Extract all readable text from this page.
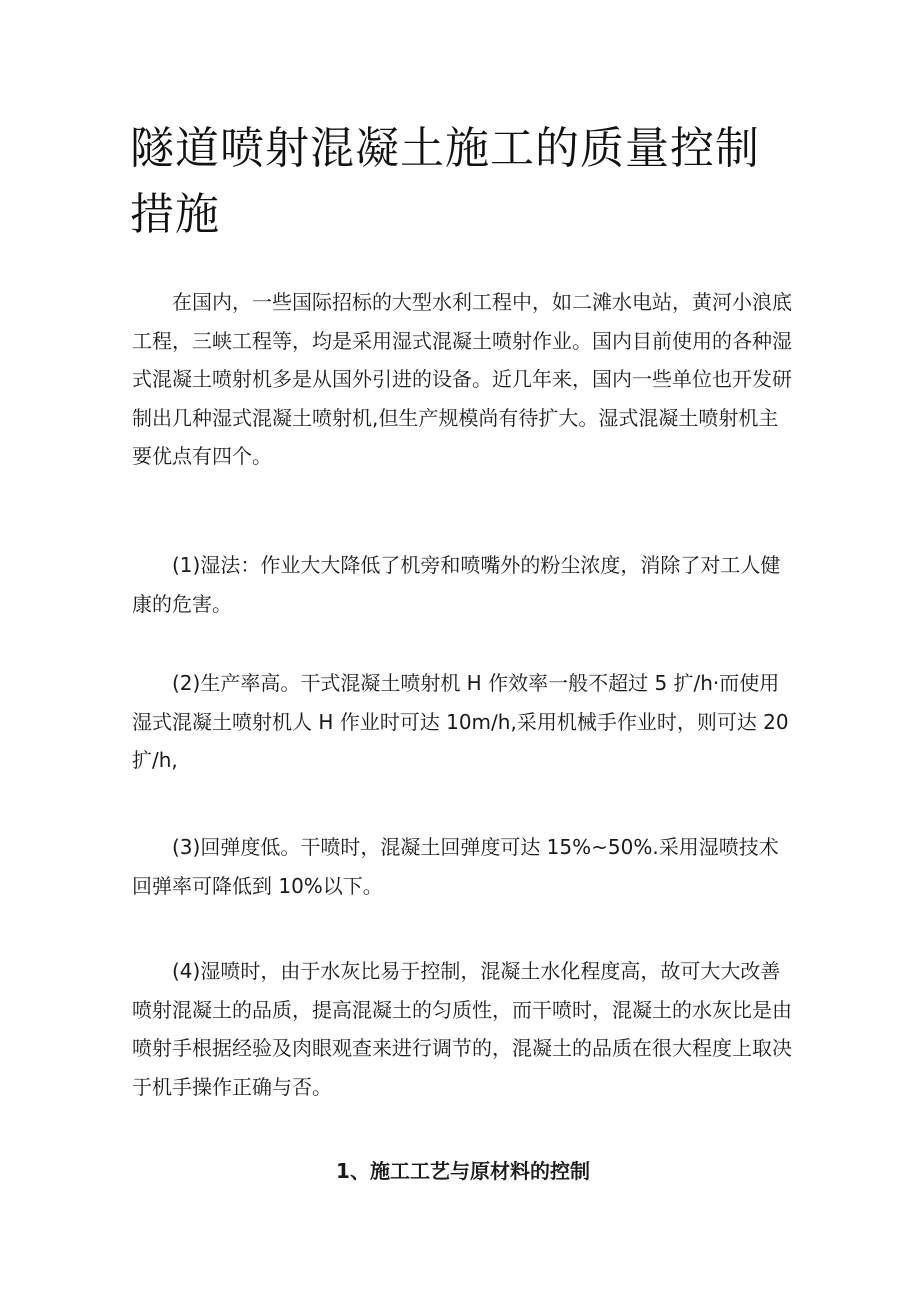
隧道喷射混凝土施工的质量控制措施

在国内，一些国际招标的大型水利工程中，如二滩水电站，黄河小浪底工程，三峡工程等，均是采用湿式混凝土喷射作业。国内目前使用的各种湿式混凝土喷射机多是从国外引进的设备。近几年来，国内一些单位也开发研制出几种湿式混凝土喷射机,但生产规模尚有待扩大。湿式混凝土喷射机主要优点有四个。

(1)湿法：作业大大降低了机旁和喷嘴外的粉尘浓度，消除了对工人健康的危害。

(2)生产率高。干式混凝土喷射机 H 作效率一般不超过 5 扩/h·而使用湿式混凝土喷射机人 H 作业时可达 10m∕h,采用机械手作业时，则可达 20 扩/h,

(3)回弹度低。干喷时，混凝土回弹度可达 15%~50%.采用湿喷技术回弹率可降低到 10%以下。

(4)湿喷时，由于水灰比易于控制，混凝土水化程度高，故可大大改善喷射混凝土的品质，提高混凝土的匀质性，而干喷时，混凝土的水灰比是由喷射手根据经验及肉眼观查来进行调节的，混凝土的品质在很大程度上取决于机手操作正确与否。

1、施工工艺与原材料的控制
